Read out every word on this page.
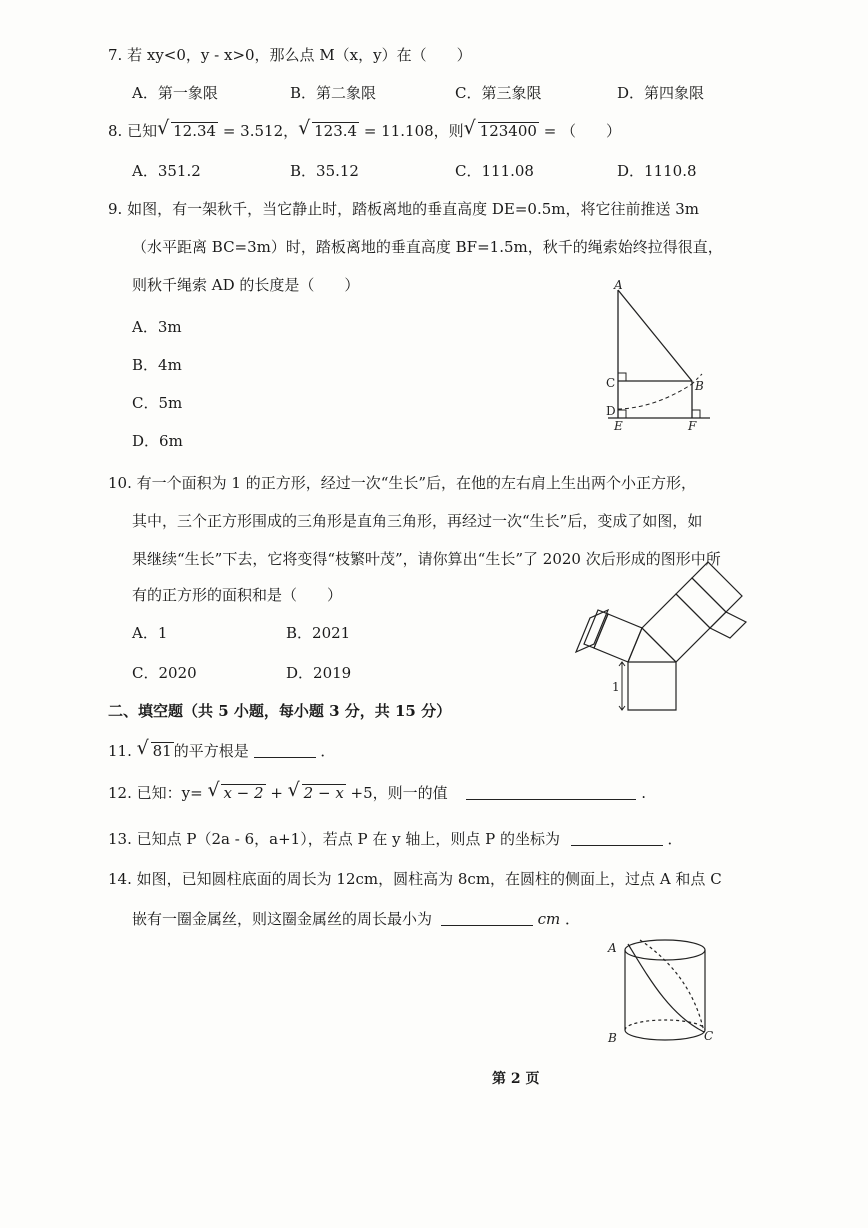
7. 若 xy<0，y - x>0，那么点 M（x，y）在（　　）
A．第一象限	B．第二象限	C．第三象限	D．第四象限
8. 已知 √ 12.34 = 3.512， √ 123.4 = 11.108，则 √ 123400 = （　　）
A．351.2	B．35.12	C．111.08	D．1110.8
9. 如图，有一架秋千，当它静止时，踏板离地的垂直高度 DE=0.5m，将它往前推送 3m
（水平距离 BC=3m）时，踏板离地的垂直高度 BF=1.5m，秋千的绳索始终拉得很直，
则秋千绳索 AD 的长度是（　　）
A．3m
B．4m
C．5m
D．6m
A
C	B
D
E	F
10. 有一个面积为 1 的正方形，经过一次“生长”后，在他的左右肩上生出两个小正方形，
其中，三个正方形围成的三角形是直角三角形，再经过一次“生长”后，变成了如图，如
果继续“生长”下去，它将变得“枝繁叶茂”，请你算出“生长”了 2020 次后形成的图形中所
有的正方形的面积和是（　　）
A．1	B．2021
C．2020	D．2019
1
二、填空题（共 5 小题，每小题 3 分，共 15 分）
11. √ 81 的平方根是	．
12. 已知：y= √ x − 2 + √ 2 − x +5，则一的值	.
13. 已知点 P（2a - 6，a+1），若点 P 在 y 轴上，则点 P 的坐标为	．
14. 如图，已知圆柱底面的周长为 12cm，圆柱高为 8cm，在圆柱的侧面上，过点 A 和点 C
嵌有一圈金属丝，则这圈金属丝的周长最小为	cm ．
A
B	C
第 2 页
